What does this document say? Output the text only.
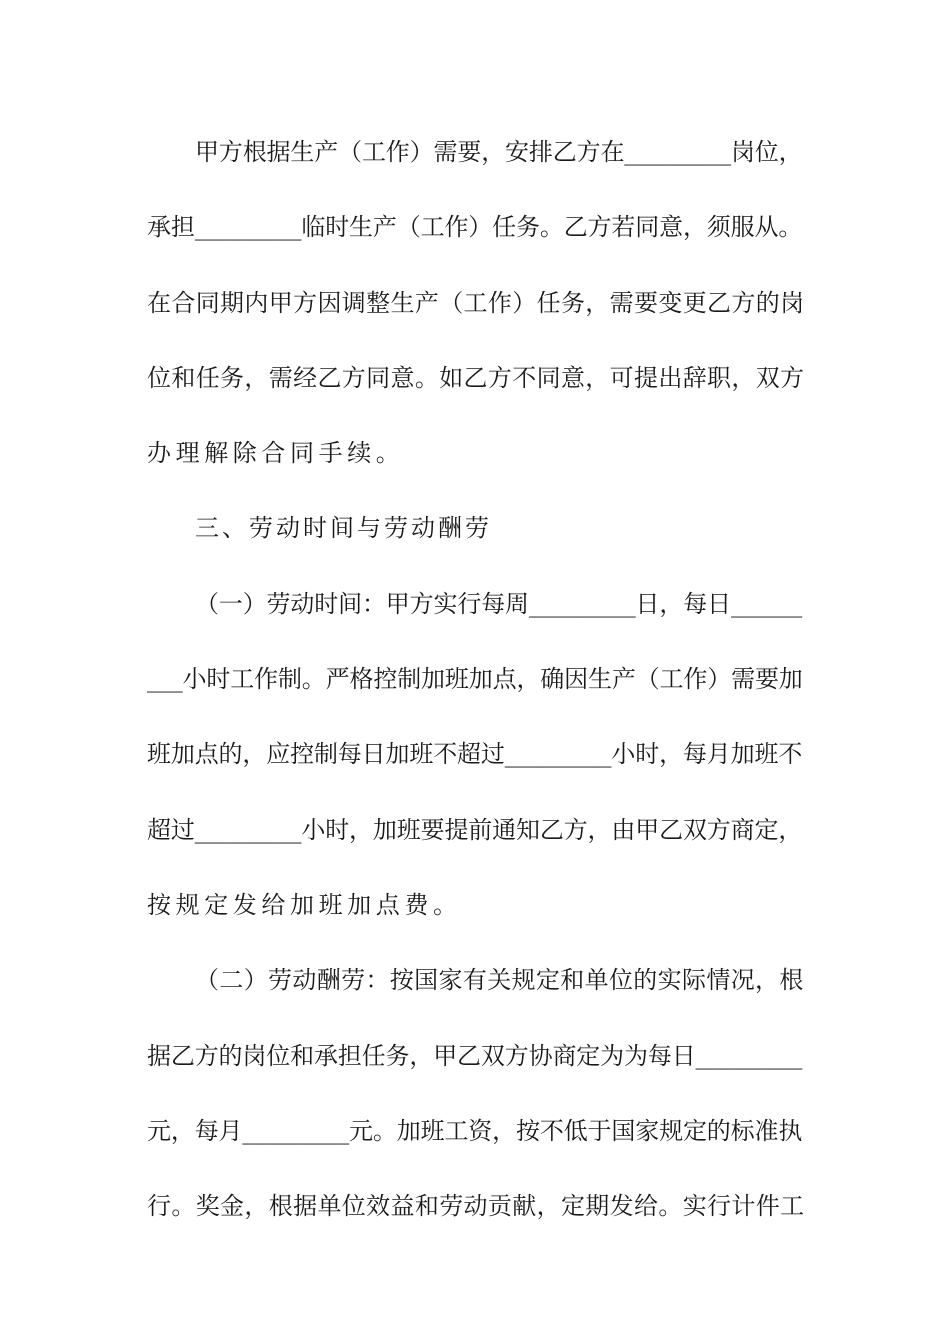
甲方根据生产（工作）需要，安排乙方在_________岗位，
承担_________临时生产（工作）任务。乙方若同意，须服从。
在合同期内甲方因调整生产（工作）任务，需要变更乙方的岗
位和任务，需经乙方同意。如乙方不同意，可提出辞职，双方
办理解除合同手续。
三、劳动时间与劳动酬劳
（一）劳动时间：甲方实行每周_________日，每日______
___小时工作制。严格控制加班加点，确因生产（工作）需要加
班加点的，应控制每日加班不超过_________小时，每月加班不
超过_________小时，加班要提前通知乙方，由甲乙双方商定，
按规定发给加班加点费。
（二）劳动酬劳：按国家有关规定和单位的实际情况，根
据乙方的岗位和承担任务，甲乙双方协商定为为每日_________
元，每月_________元。加班工资，按不低于国家规定的标准执
行。奖金，根据单位效益和劳动贡献，定期发给。实行计件工
